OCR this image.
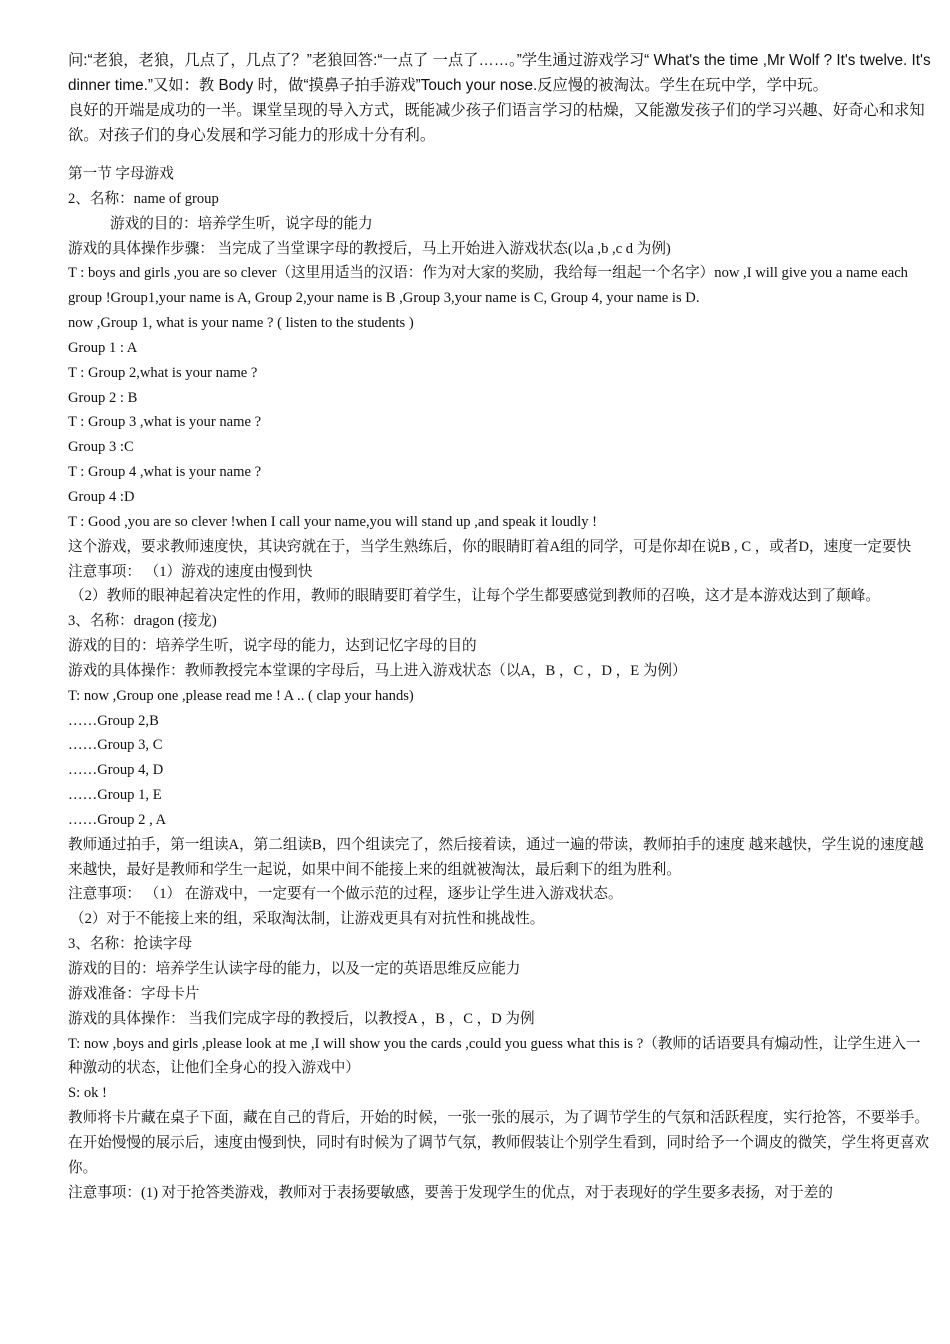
问:“老狼，老狼，几点了，几点了？”老狼回答:“一点了 一点了……。”学生通过游戏学习“ What's the time ,Mr Wolf ? It's twelve. It's dinner time.”又如：教 Body 时，做“摸鼻子拍手游戏”Touch your nose.反应慢的被淘汰。学生在玩中学，学中玩。

良好的开端是成功的一半。课堂呈现的导入方式，既能减少孩子们语言学习的枯燥，又能激发孩子们的学习兴趣、好奇心和求知欲。对孩子们的身心发展和学习能力的形成十分有利。

第一节 字母游戏

2、名称：name of group

游戏的目的：培养学生听，说字母的能力

游戏的具体操作步骤： 当完成了当堂课字母的教授后，马上开始进入游戏状态(以a ,b ,c d 为例)

T : boys and girls ,you are so clever（这里用适当的汉语：作为对大家的奖励，我给每一组起一个名字）now ,I will give you a name each group !Group1,your name is A, Group 2,your name is B ,Group 3,your name is C, Group 4, your name is D.

now ,Group 1, what is your name ? ( listen to the students )

Group 1 : A

T : Group 2,what is your name ?

Group 2 : B

T : Group 3 ,what is your name ?

Group 3 :C

T : Group 4 ,what is your name ?

Group 4 :D

T : Good ,you are so clever !when I call your name,you will stand up ,and speak it loudly !

这个游戏，要求教师速度快，其诀窍就在于，当学生熟练后，你的眼睛盯着A组的同学，可是你却在说B , C ，或者D，速度一定要快

注意事项： （1）游戏的速度由慢到快

（2）教师的眼神起着决定性的作用，教师的眼睛要盯着学生，让每个学生都要感觉到教师的召唤，这才是本游戏达到了颠峰。

3、名称：dragon (接龙)

游戏的目的：培养学生听，说字母的能力，达到记忆字母的目的

游戏的具体操作：教师教授完本堂课的字母后，马上进入游戏状态（以A，B ，C ，D ，E 为例）

T: now ,Group one ,please read me ! A .. ( clap your hands)

……Group 2,B

……Group 3, C

……Group 4, D

……Group 1, E

……Group 2 , A

教师通过拍手，第一组读A，第二组读B，四个组读完了，然后接着读，通过一遍的带读，教师拍手的速度 越来越快，学生说的速度越来越快，最好是教师和学生一起说，如果中间不能接上来的组就被淘汰，最后剩下的组为胜利。

注意事项： （1） 在游戏中，一定要有一个做示范的过程，逐步让学生进入游戏状态。

（2）对于不能接上来的组，采取淘汰制，让游戏更具有对抗性和挑战性。

3、名称：抢读字母

游戏的目的：培养学生认读字母的能力，以及一定的英语思维反应能力

游戏准备：字母卡片

游戏的具体操作： 当我们完成字母的教授后，以教授A ，B ，C ，D 为例

T: now ,boys and girls ,please look at me ,I will show you the cards ,could you guess what this is ?（教师的话语要具有煽动性，让学生进入一种激动的状态，让他们全身心的投入游戏中）

S: ok !

教师将卡片藏在桌子下面，藏在自己的背后，开始的时候，一张一张的展示，为了调节学生的气氛和活跃程度，实行抢答，不要举手。在开始慢慢的展示后，速度由慢到快，同时有时候为了调节气氛，教师假装让个别学生看到，同时给予一个调皮的微笑，学生将更喜欢你。

注意事项：(1) 对于抢答类游戏，教师对于表扬要敏感，要善于发现学生的优点，对于表现好的学生要多表扬，对于差的
